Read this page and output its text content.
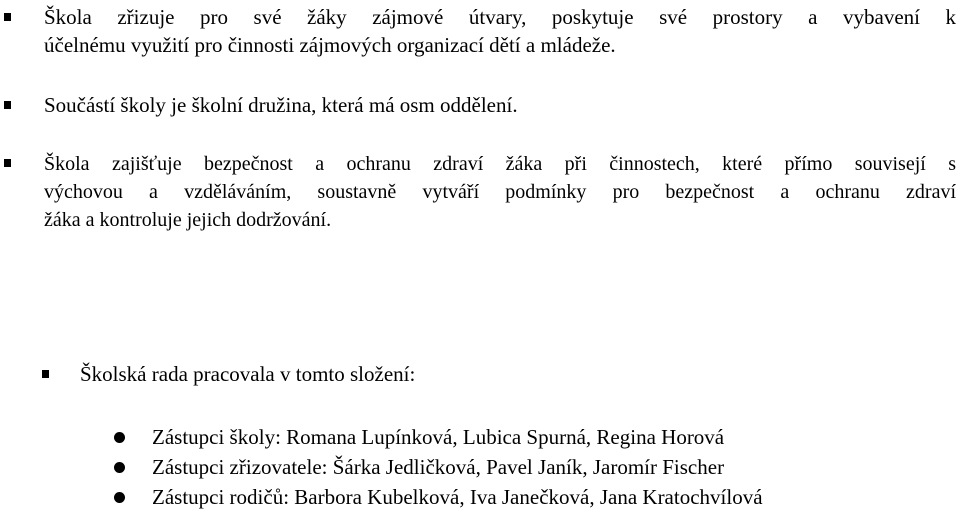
Škola zřizuje pro své žáky zájmové útvary, poskytuje své prostory a vybavení k
účelnému využití pro činnosti zájmových organizací dětí a mládeže.
Součástí školy je školní družina, která má osm oddělení.
Škola zajišťuje bezpečnost a ochranu zdraví žáka při činnostech, které přímo souvisejí s
výchovou a vzděláváním, soustavně vytváří podmínky pro bezpečnost a ochranu zdraví
žáka a kontroluje jejich dodržování.
Školská rada pracovala v tomto složení:
Zástupci školy: Romana Lupínková, Lubica Spurná, Regina Horová
Zástupci zřizovatele: Šárka Jedličková, Pavel Janík, Jaromír Fischer
Zástupci rodičů: Barbora Kubelková, Iva Janečková, Jana Kratochvílová
